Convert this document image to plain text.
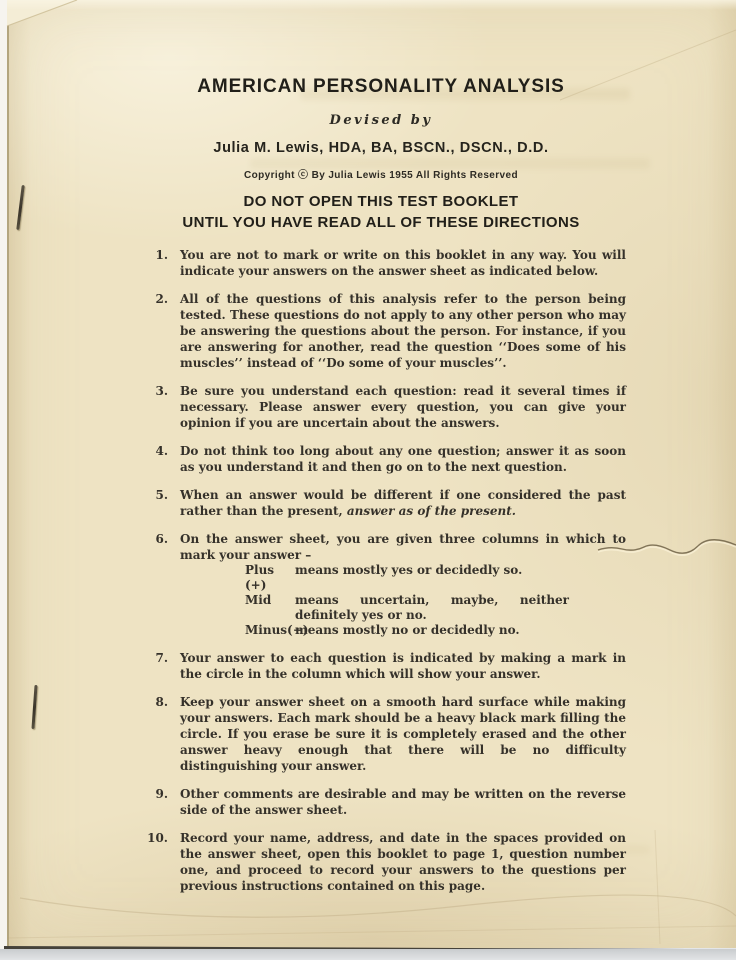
AMERICAN PERSONALITY ANALYSIS
Devised by
Julia M. Lewis, HDA, BA, BSCN., DSCN., D.D.
Copyright ⓒ By Julia Lewis 1955 All Rights Reserved
DO NOT OPEN THIS TEST BOOKLET
UNTIL YOU HAVE READ ALL OF THESE DIRECTIONS
1. You are not to mark or write on this booklet in any way. You will indicate your answers on the answer sheet as indicated below.
2. All of the questions of this analysis refer to the person being tested. These questions do not apply to any other person who may be answering the questions about the person. For instance, if you are answering for another, read the question ‘‘Does some of his muscles’’ instead of ‘‘Do some of your muscles’’.
3. Be sure you understand each question: read it several times if necessary. Please answer every question, you can give your opinion if you are uncertain about the answers.
4. Do not think too long about any one question; answer it as soon as you understand it and then go on to the next question.
5. When an answer would be different if one considered the past rather than the present, answer as of the present.
6. On the answer sheet, you are given three columns in which to mark your answer –
Plus (+)
means mostly yes or decidedly so.
Mid	means uncertain, maybe, neither definitely yes or no.
Minus(−)
means mostly no or decidedly no.
7. Your answer to each question is indicated by making a mark in the circle in the column which will show your answer.
8. Keep your answer sheet on a smooth hard surface while making your answers. Each mark should be a heavy black mark filling the circle. If you erase be sure it is completely erased and the other answer heavy enough that there will be no difficulty distinguishing your answer.
9. Other comments are desirable and may be written on the reverse side of the answer sheet.
10. Record your name, address, and date in the spaces provided on the answer sheet, open this booklet to page 1, question number one, and proceed to record your answers to the questions per previous instructions contained on this page.
